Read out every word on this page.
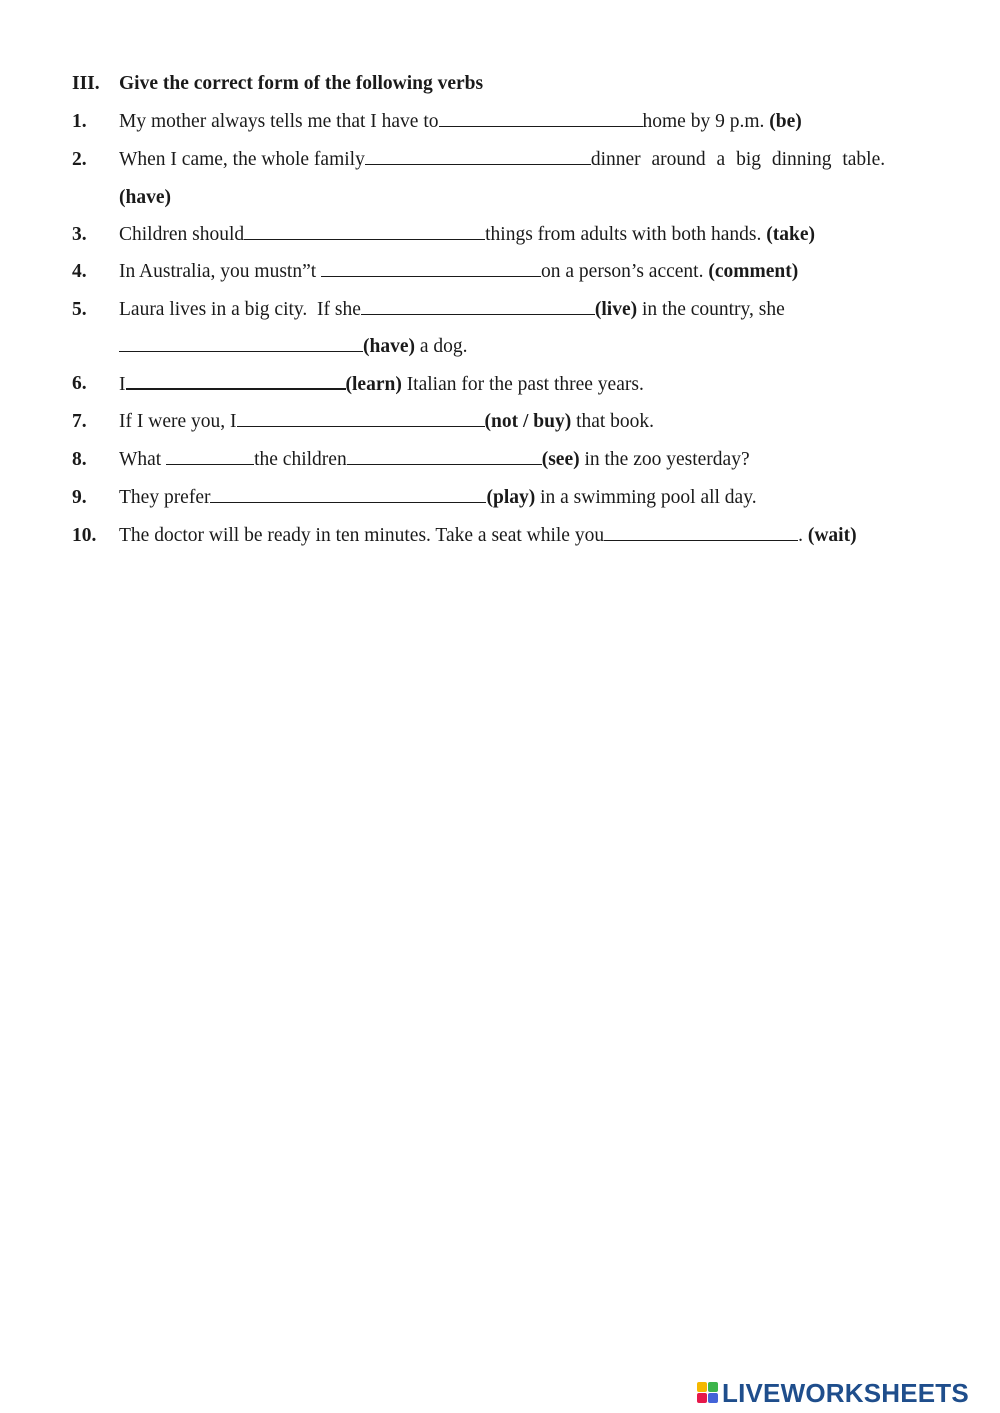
III. Give the correct form of the following verbs
1.	My mother always tells me that I have to	home by 9 p.m. (be)
2.	When I came, the whole family	dinner around a big dinning table.
(have)
3.	Children should	things from adults with both hands. (take)
4.	In Australia, you mustn”t	on a person’s accent. (comment)
5.	Laura lives in a big city.  If she	(live) in the country, she
(have) a dog.
6.	I	(learn) Italian for the past three years.
7.	If I were you, I	(not / buy) that book.
8.	What	the children	(see) in the zoo yesterday?
9.	They prefer	(play) in a swimming pool all day.
10.	The doctor will be ready in ten minutes. Take a seat while you	. (wait)
LIVEWORKSHEETS
